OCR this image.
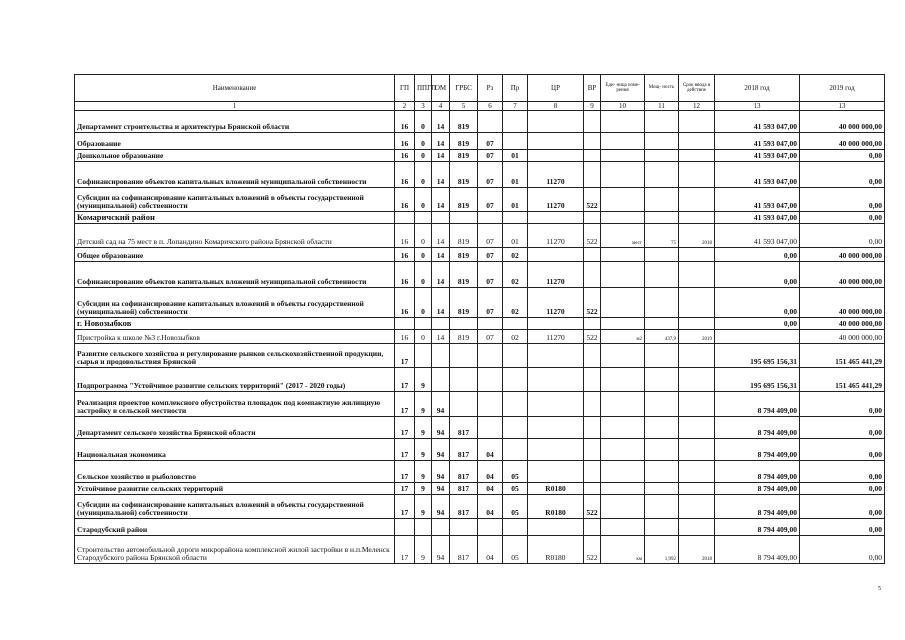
Наименование	ГП	ППГП	ОМ	ГРБС	Рз	Пр	ЦР	ВР	Еди- ница изме- рения	Мощ- ность	Срок ввода в действие	2018 год	2019 год
1	2	3	4	5	6	7	8	9	10	11	12	13	13
Департамент строительства и архитектуры Брянской области	16	0	14	819								41 593 047,00	40 000 000,00
Образование	16	0	14	819	07							41 593 047,00	40 000 000,00
Дошкольное образование	16	0	14	819	07	01						41 593 047,00	0,00
Софинансирование объектов капитальных вложений муниципальной собственности	16	0	14	819	07	01	11270					41 593 047,00	0,00
Субсидии на софинансирование капитальных вложений в объекты государственной (муниципальной) собственности	16	0	14	819	07	01	11270	522				41 593 047,00	0,00
Комаричский район												41 593 047,00	0,00
Детский сад на 75 мест в п. Лопандино Комаричского района Брянской области	16	0	14	819	07	01	11270	522	мест	75	2018	41 593 047,00	0,00
Общее образование	16	0	14	819	07	02						0,00	40 000 000,00
Софинансирование объектов капитальных вложений муниципальной собственности	16	0	14	819	07	02	11270					0,00	40 000 000,00
Субсидии на софинансирование капитальных вложений в объекты государственной (муниципальной) собственности	16	0	14	819	07	02	11270	522				0,00	40 000 000,00
г. Новозыбков												0,00	40 000 000,00
Пристройка к школе №3 г.Новозыбков	16	0	14	819	07	02	11270	522	м2	437,9	2019		40 000 000,00
Развитие сельского хозяйства и регулирование рынков сельскохозяйственной продукции, сырья и продовольствия Брянской	17											195 695 156,31	151 465 441,29
Подпрограмма "Устойчивое развитие сельских территорий" (2017 - 2020 годы)	17	9										195 695 156,31	151 465 441,29
Реализация проектов комплексного обустройства площадок под компактную жилищную застройку в сельской местности	17	9	94									8 794 409,00	0,00
Департамент сельского хозяйства Брянской области	17	9	94	817								8 794 409,00	0,00
Национальная экономика	17	9	94	817	04							8 794 409,00	0,00
Сельское хозяйство и рыболовство	17	9	94	817	04	05						8 794 409,00	0,00
Устойчивое развитие сельских территорий	17	9	94	817	04	05	R0180					8 794 409,00	0,00
Субсидии на софинансирование капитальных вложений в объекты государственной (муниципальной) собственности	17	9	94	817	04	05	R0180	522				8 794 409,00	0,00
Стародубский район												8 794 409,00	0,00
Строительство автомобильной дороги микрорайона комплексной жилой застройки в н.п.Меленск Стародубского района Брянской области	17	9	94	817	04	05	R0180	522	км	1,992	2018	8 794 409,00	0,00
5
